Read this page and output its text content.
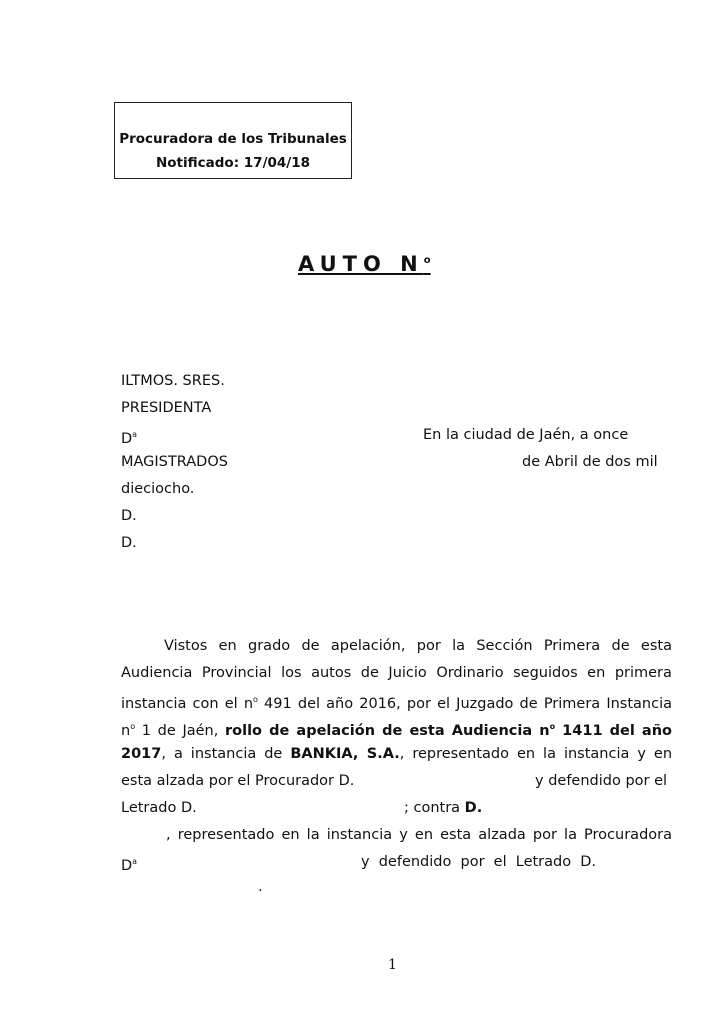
Procuradora de los Tribunales
Notificado: 17/04/18
AUTO $N^o$
ILTMOS. SRES.
PRESIDENTA
$D^a$
MAGISTRADOS
dieciocho.
D.
D.
En la ciudad de Jaén, a once
de Abril de dos mil
Vistos en grado de apelación, por la Sección Primera de esta
Audiencia Provincial los autos de Juicio Ordinario seguidos en primera
instancia con el $n^o$ 491 del año 2016, por el Juzgado de Primera Instancia
$n^o$ 1 de Jaén, rollo de apelación de esta Audiencia $n^o$ 1411 del año
2017, a instancia de BANKIA, S.A., representado en la instancia y en
esta alzada por el Procurador D.	y defendido por el
Letrado D.	; contra D.
, representado en la instancia y en esta alzada por la Procuradora
$D^a$	y defendido por el Letrado D.
.
1
